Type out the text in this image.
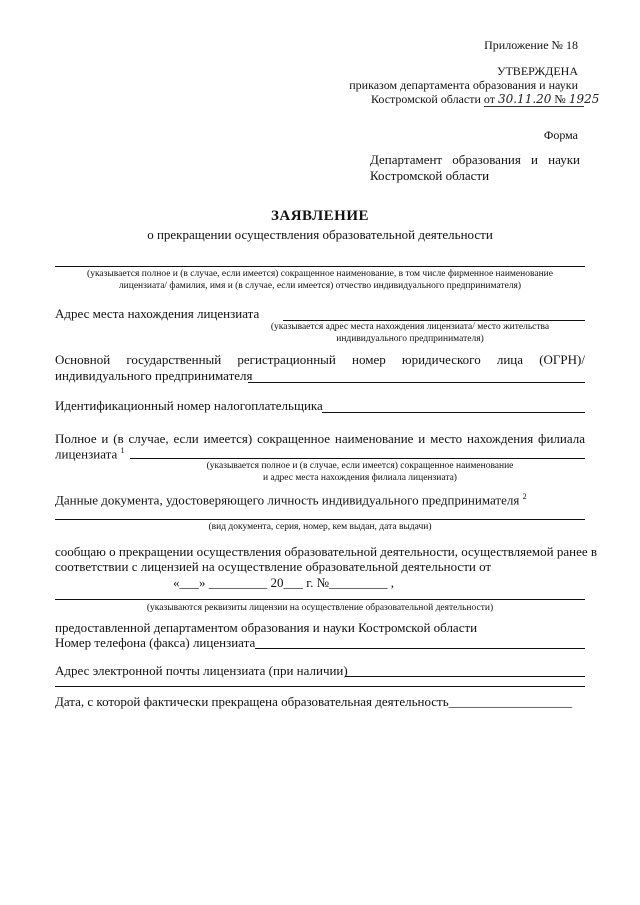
Приложение № 18
УТВЕРЖДЕНА
приказом департамента образования и науки
Костромской области от 30.11.20 № 1925
Форма
Департамент образования и науки
Костромской области
ЗАЯВЛЕНИЕ
о прекращении осуществления образовательной деятельности
(указывается полное и (в случае, если имеется) сокращенное наименование, в том числе фирменное наименование
лицензиата/ фамилия, имя и (в случае, если имеется) отчество индивидуального предпринимателя)
Адрес места нахождения лицензиата
(указывается адрес места нахождения лицензиата/ место жительства
индивидуального предпринимателя)
Основной государственный регистрационный номер юридического лица (ОГРН)/
индивидуального предпринимателя
Идентификационный номер налогоплательщика
Полное и (в случае, если имеется) сокращенное наименование и место нахождения филиала
лицензиата $^1$
(указывается полное и (в случае, если имеется) сокращенное наименование
и адрес места нахождения филиала лицензиата)
Данные документа, удостоверяющего личность индивидуального предпринимателя $^2$
(вид документа, серия, номер, кем выдан, дата выдачи)
сообщаю о прекращении осуществления образовательной деятельности, осуществляемой ранее в
соответствии с лицензией на осуществление образовательной деятельности от
«___» _________ 20___ г. №_________ ,
(указываются реквизиты лицензии на осуществление образовательной деятельности)
предоставленной департаментом образования и науки Костромской области
Номер телефона (факса) лицензиата
Адрес электронной почты лицензиата (при наличии)
Дата, с которой фактически прекращена образовательная деятельность___________________
